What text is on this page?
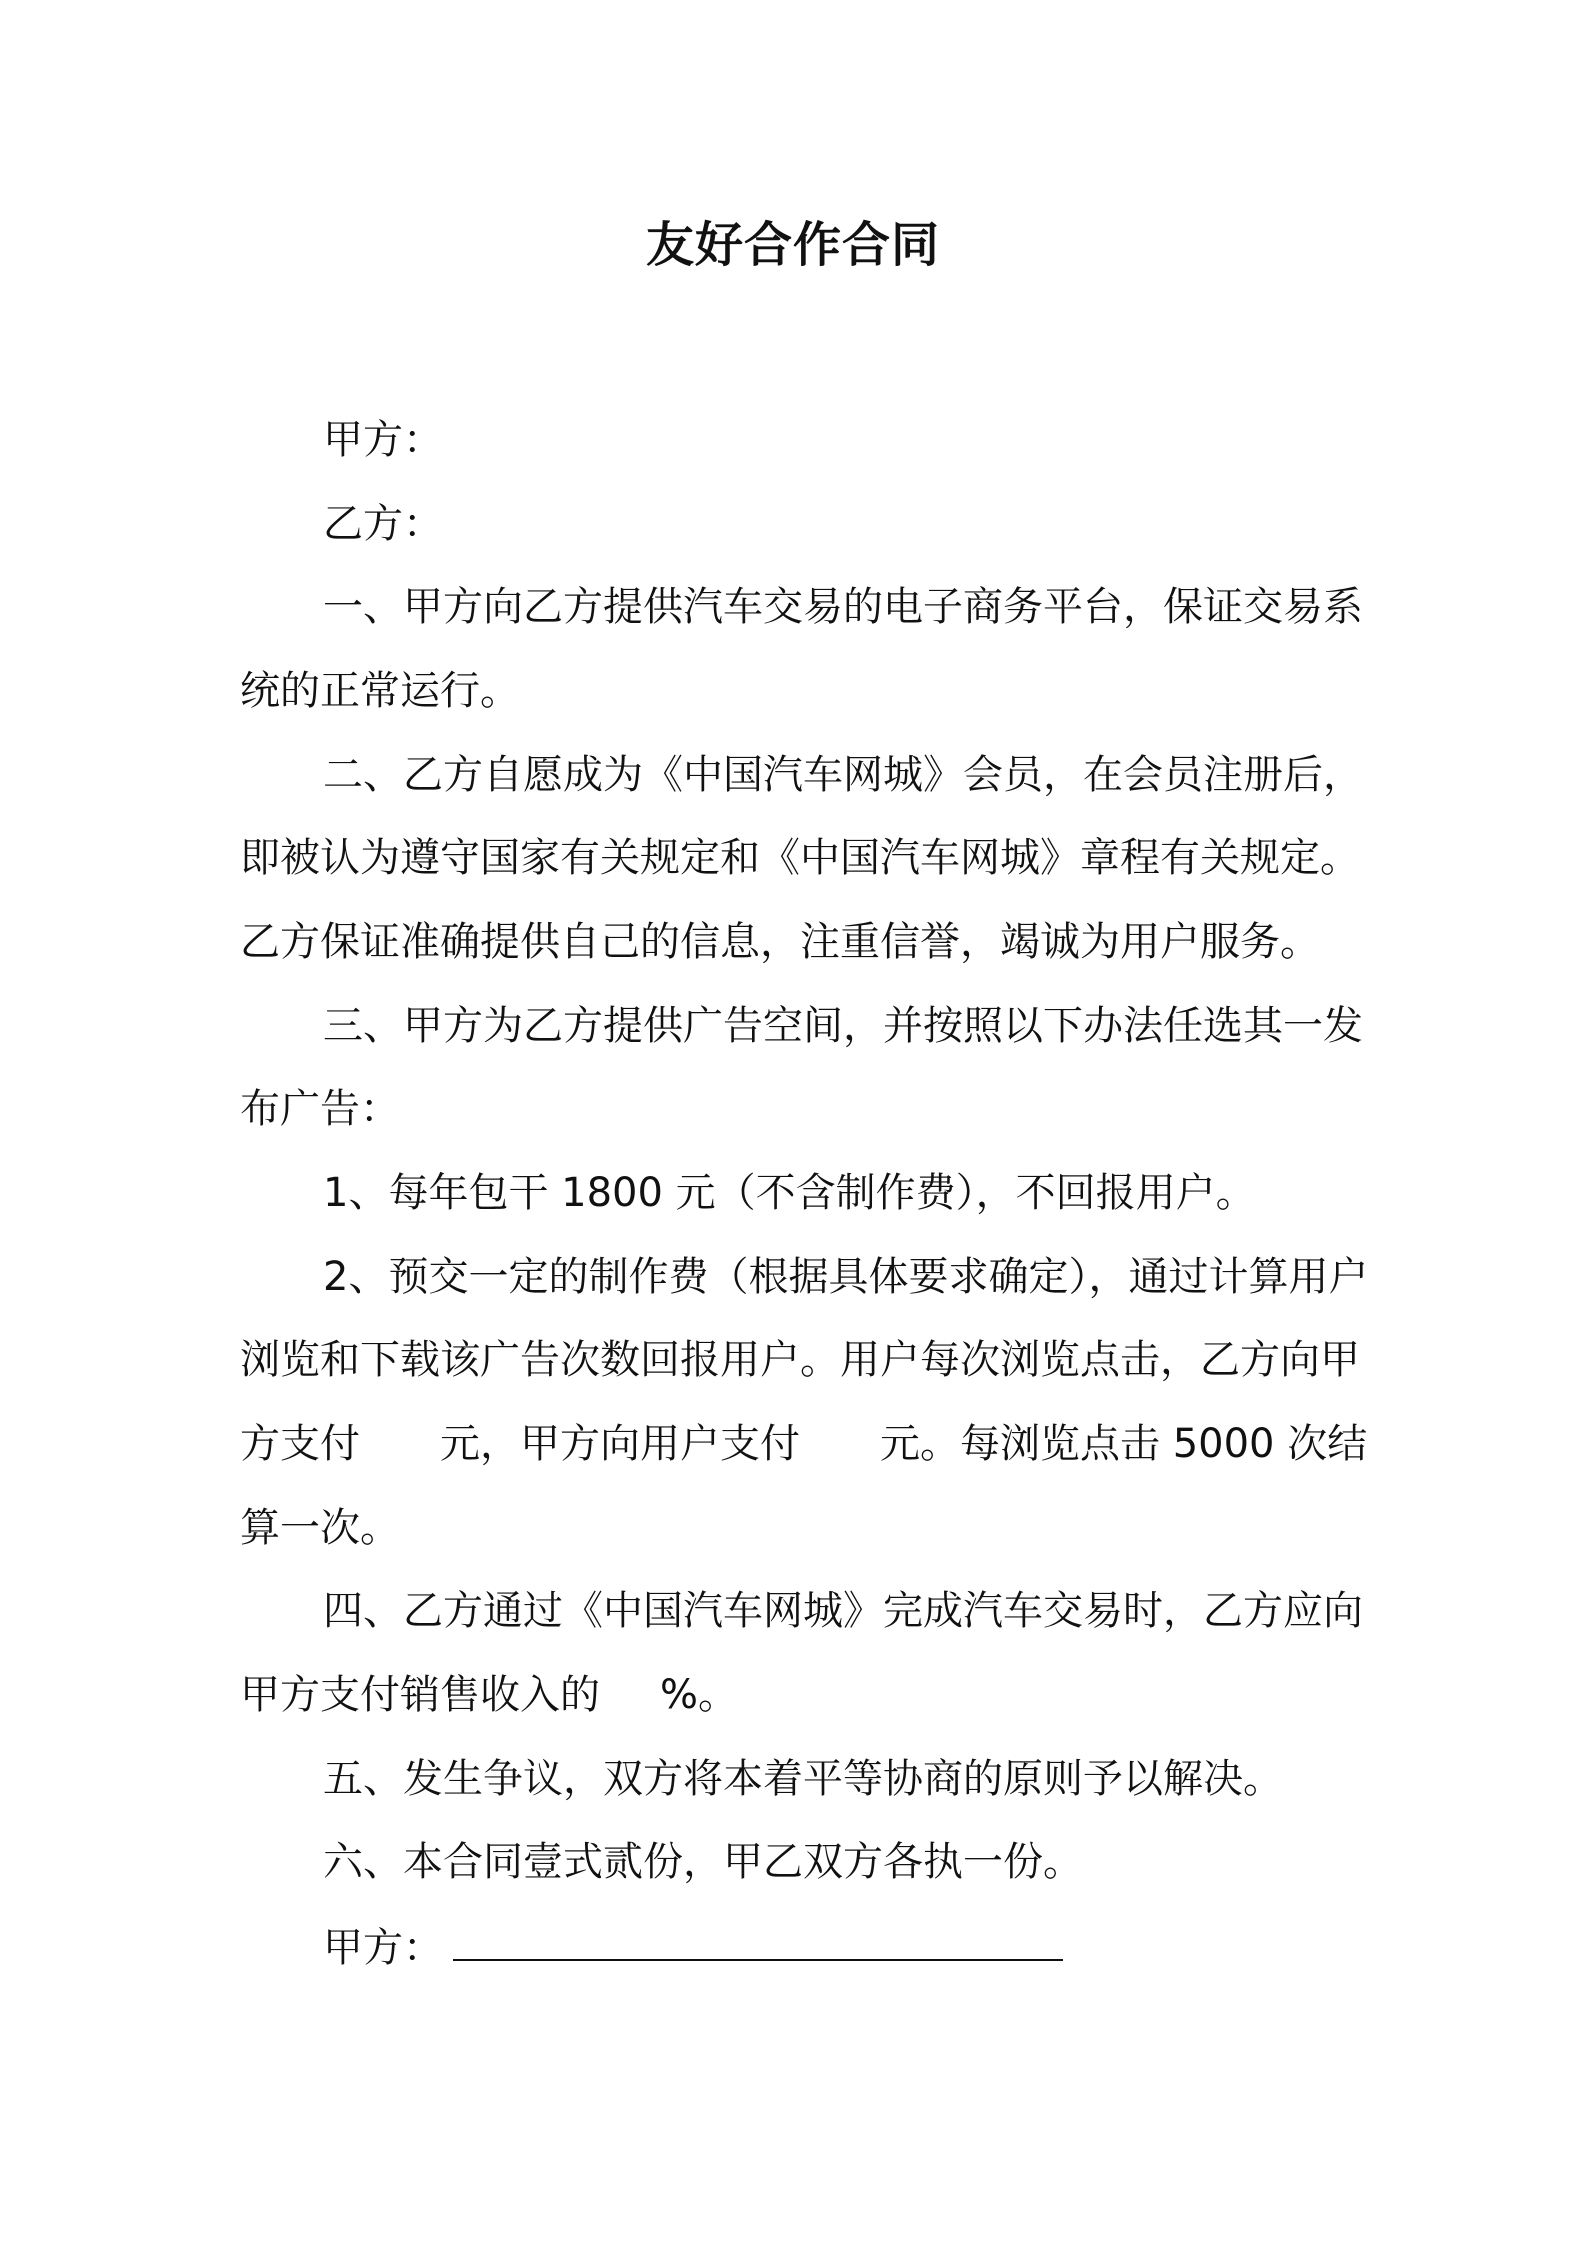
友好合作合同
甲方：
乙方：
一、甲方向乙方提供汽车交易的电子商务平台，保证交易系
统的正常运行。
二、乙方自愿成为《中国汽车网城》会员，在会员注册后，
即被认为遵守国家有关规定和《中国汽车网城》章程有关规定。
乙方保证准确提供自己的信息，注重信誉，竭诚为用户服务。
三、甲方为乙方提供广告空间，并按照以下办法任选其一发
布广告：
1、每年包干 1800 元（不含制作费），不回报用户。
2、预交一定的制作费（根据具体要求确定），通过计算用户
浏览和下载该广告次数回报用户。用户每次浏览点击，乙方向甲
方支付 元，甲方向用户支付 元。每浏览点击 5000 次结
算一次。
四、乙方通过《中国汽车网城》完成汽车交易时，乙方应向
甲方支付销售收入的 %。
五、发生争议，双方将本着平等协商的原则予以解决。
六、本合同壹式贰份，甲乙双方各执一份。
甲方：
